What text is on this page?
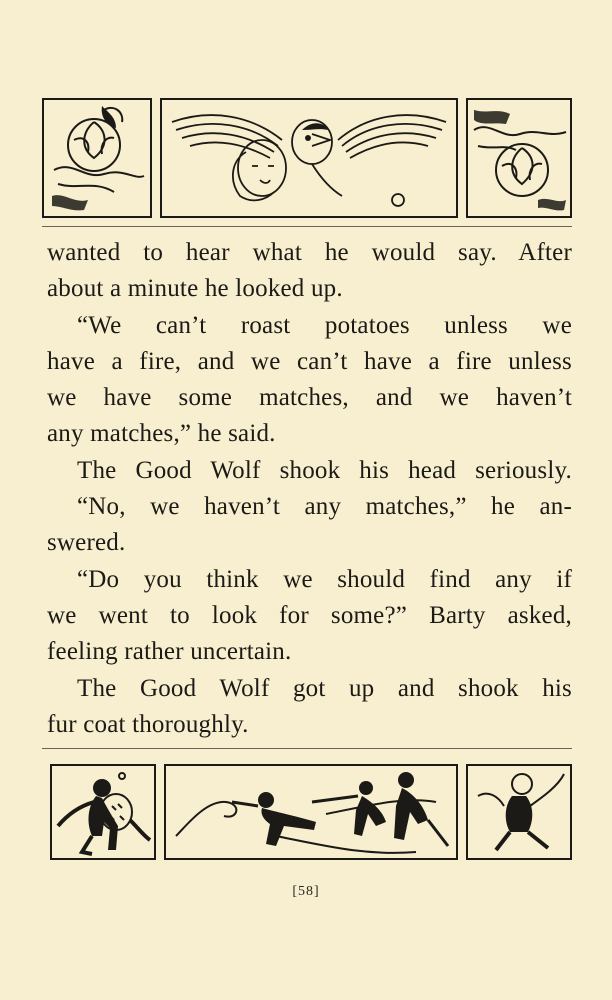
wanted to hear what he would say. After
about a minute he looked up.
“We can’t roast potatoes unless we
have a fire, and we can’t have a fire unless
we have some matches, and we haven’t
any matches,” he said.
The Good Wolf shook his head seriously.
“No, we haven’t any matches,” he an-
swered.
“Do you think we should find any if
we went to look for some?” Barty asked,
feeling rather uncertain.
The Good Wolf got up and shook his
fur coat thoroughly.
[58]
